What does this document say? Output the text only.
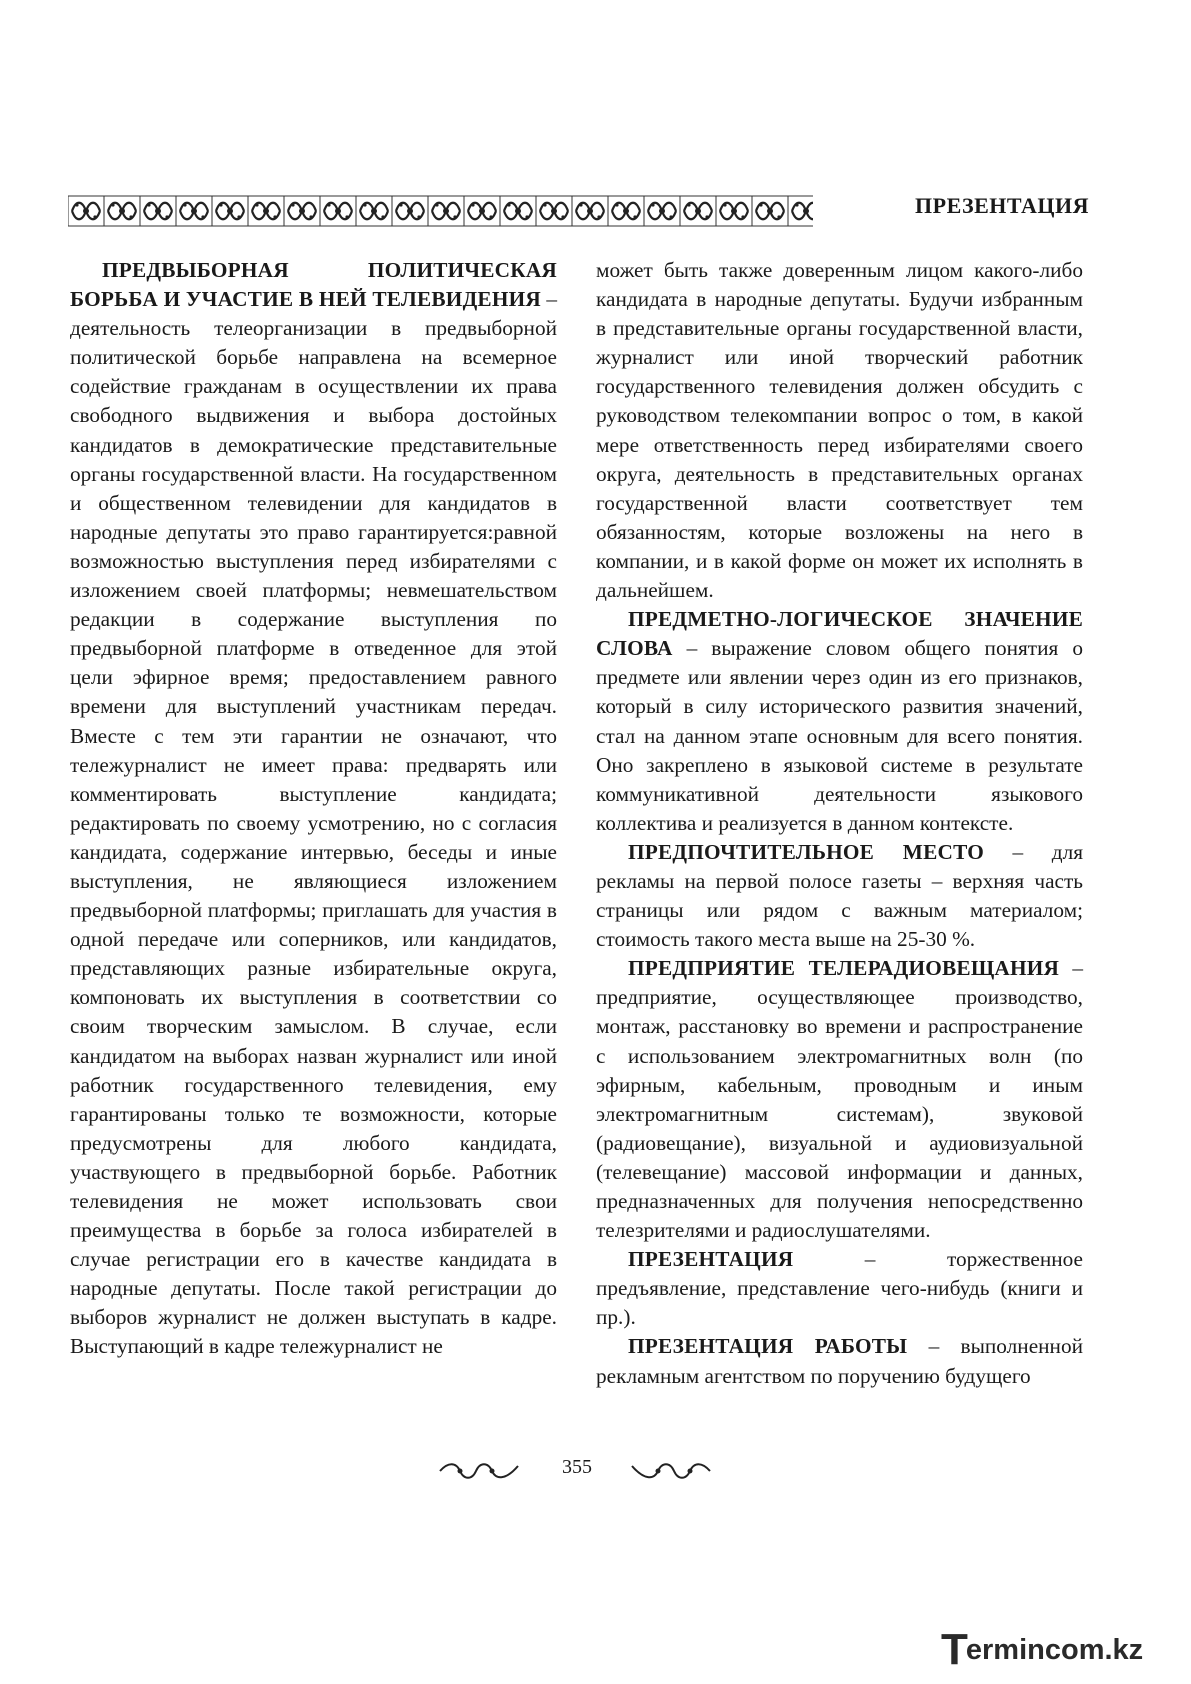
ПРЕЗЕНТАЦИЯ

ПРЕДВЫБОРНАЯ ПОЛИТИЧЕСКАЯ БОРЬБА И УЧАСТИЕ В НЕЙ ТЕЛЕВИДЕНИЯ – деятельность телеорганизации в предвыборной политической борьбе направлена на всемерное содействие гражданам в осуществлении их права свободного выдвижения и выбора достойных кандидатов в демократические представительные органы государственной власти. На государственном и общественном телевидении для кандидатов в народные депутаты это право гарантируется:равной возможностью выступления перед избирателями с изложением своей платформы; невмешательством редакции в содержание выступления по предвыборной платформе в отведенное для этой цели эфирное время; предоставлением равного времени для выступлений участникам передач. Вместе с тем эти гарантии не означают, что тележурналист не имеет права: предварять или комментировать выступление кандидата; редактировать по своему усмотрению, но с согласия кандидата, содержание интервью, беседы и иные выступления, не являющиеся изложением предвыборной платформы; приглашать для участия в одной передаче или соперников, или кандидатов, представляющих разные избирательные округа, компоновать их выступления в соответствии со своим творческим замыслом. В случае, если кандидатом на выборах назван журналист или иной работник государственного телевидения, ему гарантированы только те возможности, которые предусмотрены для любого кандидата, участвующего в предвыборной борьбе. Работник телевидения не может использовать свои преимущества в борьбе за голоса избирателей в случае регистрации его в качестве кандидата в народные депутаты. После такой регистрации до выборов журналист не должен выступать в кадре. Выступающий в кадре тележурналист не

может быть также доверенным лицом какого-либо кандидата в народные депутаты. Будучи избранным в представительные органы государственной власти, журналист или иной творческий работник государственного телевидения должен обсудить с руководством телекомпании вопрос о том, в какой мере ответственность перед избирателями своего округа, деятельность в представительных органах государственной власти соответствует тем обязанностям, которые возложены на него в компании, и в какой форме он может их исполнять в дальнейшем.

ПРЕДМЕТНО-ЛОГИЧЕСКОЕ ЗНАЧЕНИЕ СЛОВА – выражение словом общего понятия о предмете или явлении через один из его признаков, который в силу исторического развития значений, стал на данном этапе основным для всего понятия. Оно закреплено в языковой системе в результате коммуникативной деятельности языкового коллектива и реализуется в данном контексте.

ПРЕДПОЧТИТЕЛЬНОЕ МЕСТО – для рекламы на первой полосе газеты – верхняя часть страницы или рядом с важным материалом; стоимость такого места выше на 25-30 %.

ПРЕДПРИЯТИЕ ТЕЛЕРАДИОВЕЩАНИЯ – предприятие, осуществляющее производство, монтаж, расстановку во времени и распространение с использованием электромагнитных волн (по эфирным, кабельным, проводным и иным электромагнитным системам), звуковой (радиовещание), визуальной и аудиовизуальной (телевещание) массовой информации и данных, предназначенных для получения непосредственно телезрителями и радиослушателями.

ПРЕЗЕНТАЦИЯ – торжественное предъявление, представление чего-нибудь (книги и пр.).

ПРЕЗЕНТАЦИЯ РАБОТЫ – выполненной рекламным агентством по поручению будущего

355
T
ermincom.kz
